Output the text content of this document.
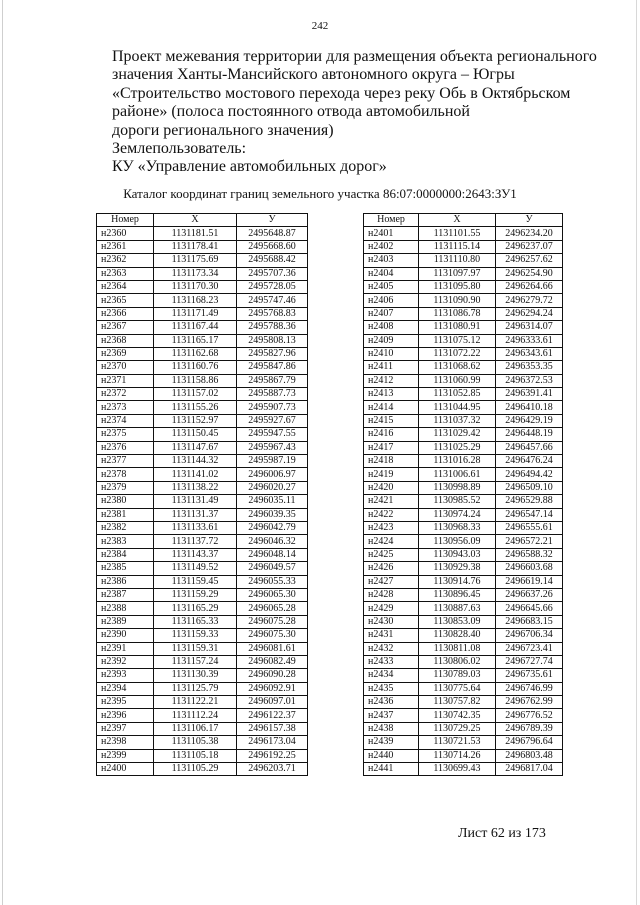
242
Проект межевания территории для размещения объекта регионального
значения Ханты-Мансийского автономного округа – Югры
«Строительство мостового перехода через реку Обь в Октябрьском
районе» (полоса постоянного отвода автомобильной
дороги регионального значения)
Землепользователь:
КУ «Управление автомобильных дорог»
Каталог координат границ земельного участка 86:07:0000000:2643:ЗУ1
Номер	X	У
н2360	1131181.51	2495648.87
н2361	1131178.41	2495668.60
н2362	1131175.69	2495688.42
н2363	1131173.34	2495707.36
н2364	1131170.30	2495728.05
н2365	1131168.23	2495747.46
н2366	1131171.49	2495768.83
н2367	1131167.44	2495788.36
н2368	1131165.17	2495808.13
н2369	1131162.68	2495827.96
н2370	1131160.76	2495847.86
н2371	1131158.86	2495867.79
н2372	1131157.02	2495887.73
н2373	1131155.26	2495907.73
н2374	1131152.97	2495927.67
н2375	1131150.45	2495947.55
н2376	1131147.67	2495967.43
н2377	1131144.32	2495987.19
н2378	1131141.02	2496006.97
н2379	1131138.22	2496020.27
н2380	1131131.49	2496035.11
н2381	1131131.37	2496039.35
н2382	1131133.61	2496042.79
н2383	1131137.72	2496046.32
н2384	1131143.37	2496048.14
н2385	1131149.52	2496049.57
н2386	1131159.45	2496055.33
н2387	1131159.29	2496065.30
н2388	1131165.29	2496065.28
н2389	1131165.33	2496075.28
н2390	1131159.33	2496075.30
н2391	1131159.31	2496081.61
н2392	1131157.24	2496082.49
н2393	1131130.39	2496090.28
н2394	1131125.79	2496092.91
н2395	1131122.21	2496097.01
н2396	1131112.24	2496122.37
н2397	1131106.17	2496157.38
н2398	1131105.38	2496173.04
н2399	1131105.18	2496192.25
н2400	1131105.29	2496203.71
Номер	X	У
н2401	1131101.55	2496234.20
н2402	1131115.14	2496237.07
н2403	1131110.80	2496257.62
н2404	1131097.97	2496254.90
н2405	1131095.80	2496264.66
н2406	1131090.90	2496279.72
н2407	1131086.78	2496294.24
н2408	1131080.91	2496314.07
н2409	1131075.12	2496333.61
н2410	1131072.22	2496343.61
н2411	1131068.62	2496353.35
н2412	1131060.99	2496372.53
н2413	1131052.85	2496391.41
н2414	1131044.95	2496410.18
н2415	1131037.32	2496429.19
н2416	1131029.42	2496448.19
н2417	1131025.29	2496457.66
н2418	1131016.28	2496476.24
н2419	1131006.61	2496494.42
н2420	1130998.89	2496509.10
н2421	1130985.52	2496529.88
н2422	1130974.24	2496547.14
н2423	1130968.33	2496555.61
н2424	1130956.09	2496572.21
н2425	1130943.03	2496588.32
н2426	1130929.38	2496603.68
н2427	1130914.76	2496619.14
н2428	1130896.45	2496637.26
н2429	1130887.63	2496645.66
н2430	1130853.09	2496683.15
н2431	1130828.40	2496706.34
н2432	1130811.08	2496723.41
н2433	1130806.02	2496727.74
н2434	1130789.03	2496735.61
н2435	1130775.64	2496746.99
н2436	1130757.82	2496762.99
н2437	1130742.35	2496776.52
н2438	1130729.25	2496789.39
н2439	1130721.53	2496796.64
н2440	1130714.26	2496803.48
н2441	1130699.43	2496817.04
Лист 62 из 173
